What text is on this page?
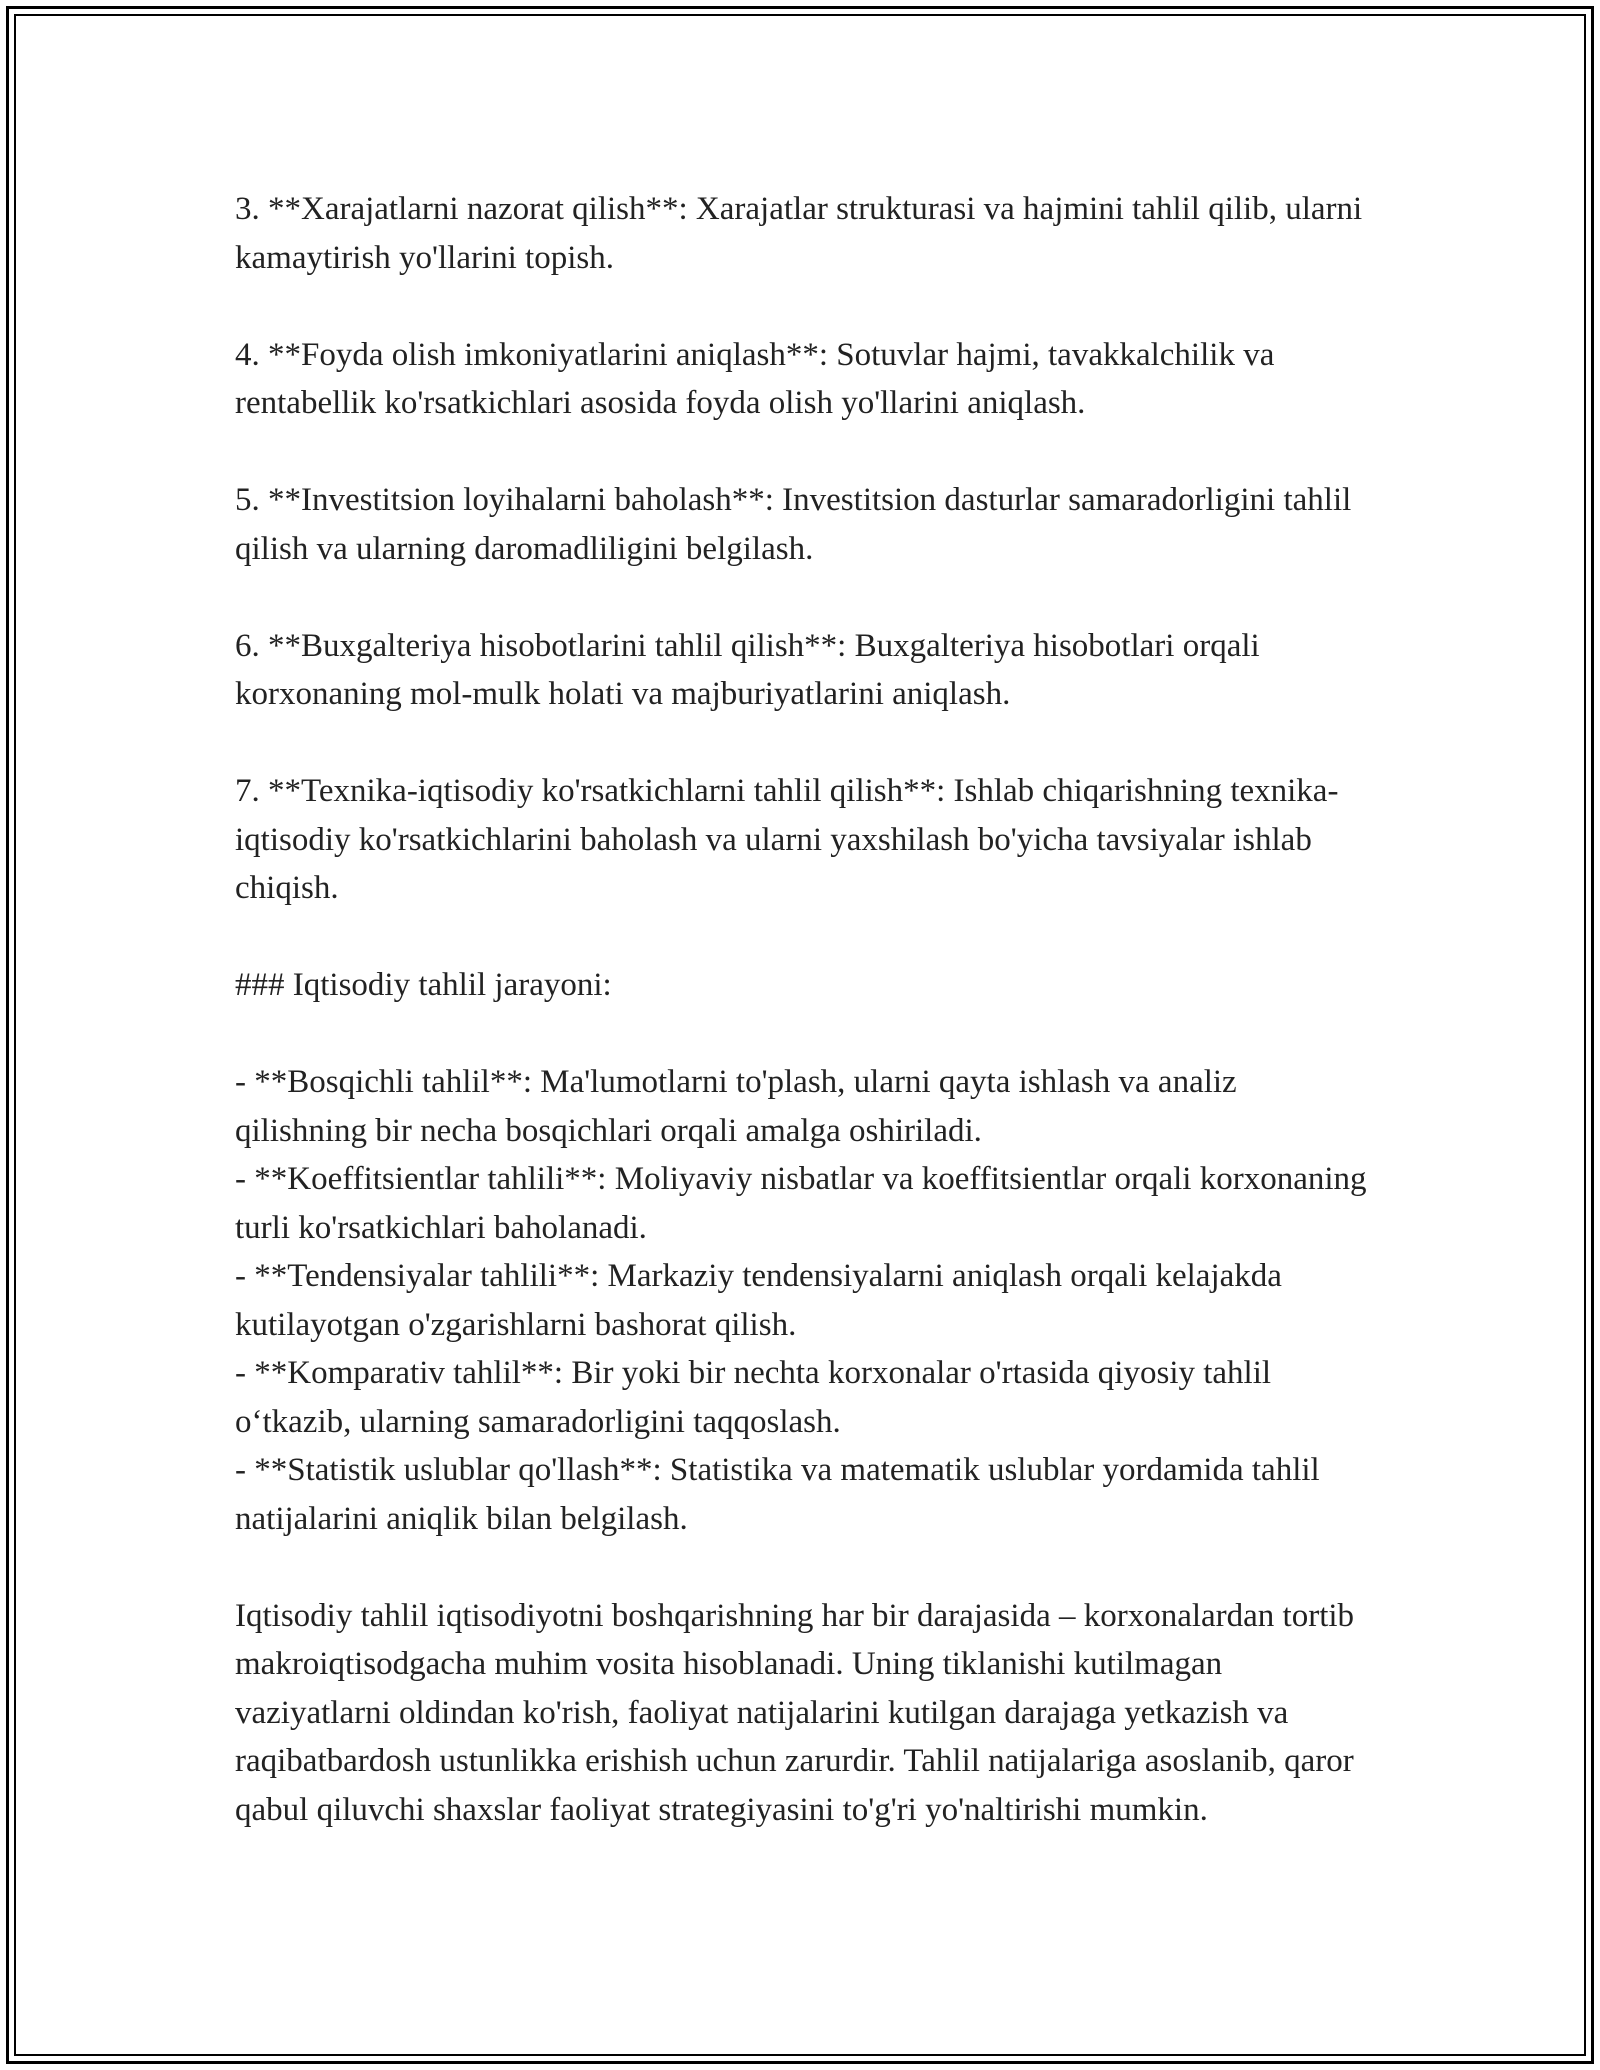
3. **Xarajatlarni nazorat qilish**: Xarajatlar strukturasi va hajmini tahlil qilib, ularni kamaytirish yo'llarini topish.

4. **Foyda olish imkoniyatlarini aniqlash**: Sotuvlar hajmi, tavakkalchilik va rentabellik ko'rsatkichlari asosida foyda olish yo'llarini aniqlash.

5. **Investitsion loyihalarni baholash**: Investitsion dasturlar samaradorligini tahlil qilish va ularning daromadliligini belgilash.

6. **Buxgalteriya hisobotlarini tahlil qilish**: Buxgalteriya hisobotlari orqali korxonaning mol-mulk holati va majburiyatlarini aniqlash.

7. **Texnika-iqtisodiy ko'rsatkichlarni tahlil qilish**: Ishlab chiqarishning texnika-iqtisodiy ko'rsatkichlarini baholash va ularni yaxshilash bo'yicha tavsiyalar ishlab chiqish.

### Iqtisodiy tahlil jarayoni:

- **Bosqichli tahlil**: Ma'lumotlarni to'plash, ularni qayta ishlash va analiz qilishning bir necha bosqichlari orqali amalga oshiriladi.

- **Koeffitsientlar tahlili**: Moliyaviy nisbatlar va koeffitsientlar orqali korxonaning turli ko'rsatkichlari baholanadi.

- **Tendensiyalar tahlili**: Markaziy tendensiyalarni aniqlash orqali kelajakda kutilayotgan o'zgarishlarni bashorat qilish.

- **Komparativ tahlil**: Bir yoki bir nechta korxonalar o'rtasida qiyosiy tahlil o‘tkazib, ularning samaradorligini taqqoslash.

- **Statistik uslublar qo'llash**: Statistika va matematik uslublar yordamida tahlil natijalarini aniqlik bilan belgilash.

Iqtisodiy tahlil iqtisodiyotni boshqarishning har bir darajasida – korxonalardan tortib makroiqtisodgacha muhim vosita hisoblanadi. Uning tiklanishi kutilmagan vaziyatlarni oldindan ko'rish, faoliyat natijalarini kutilgan darajaga yetkazish va raqibatbardosh ustunlikka erishish uchun zarurdir. Tahlil natijalariga asoslanib, qaror qabul qiluvchi shaxslar faoliyat strategiyasini to'g'ri yo'naltirishi mumkin.
